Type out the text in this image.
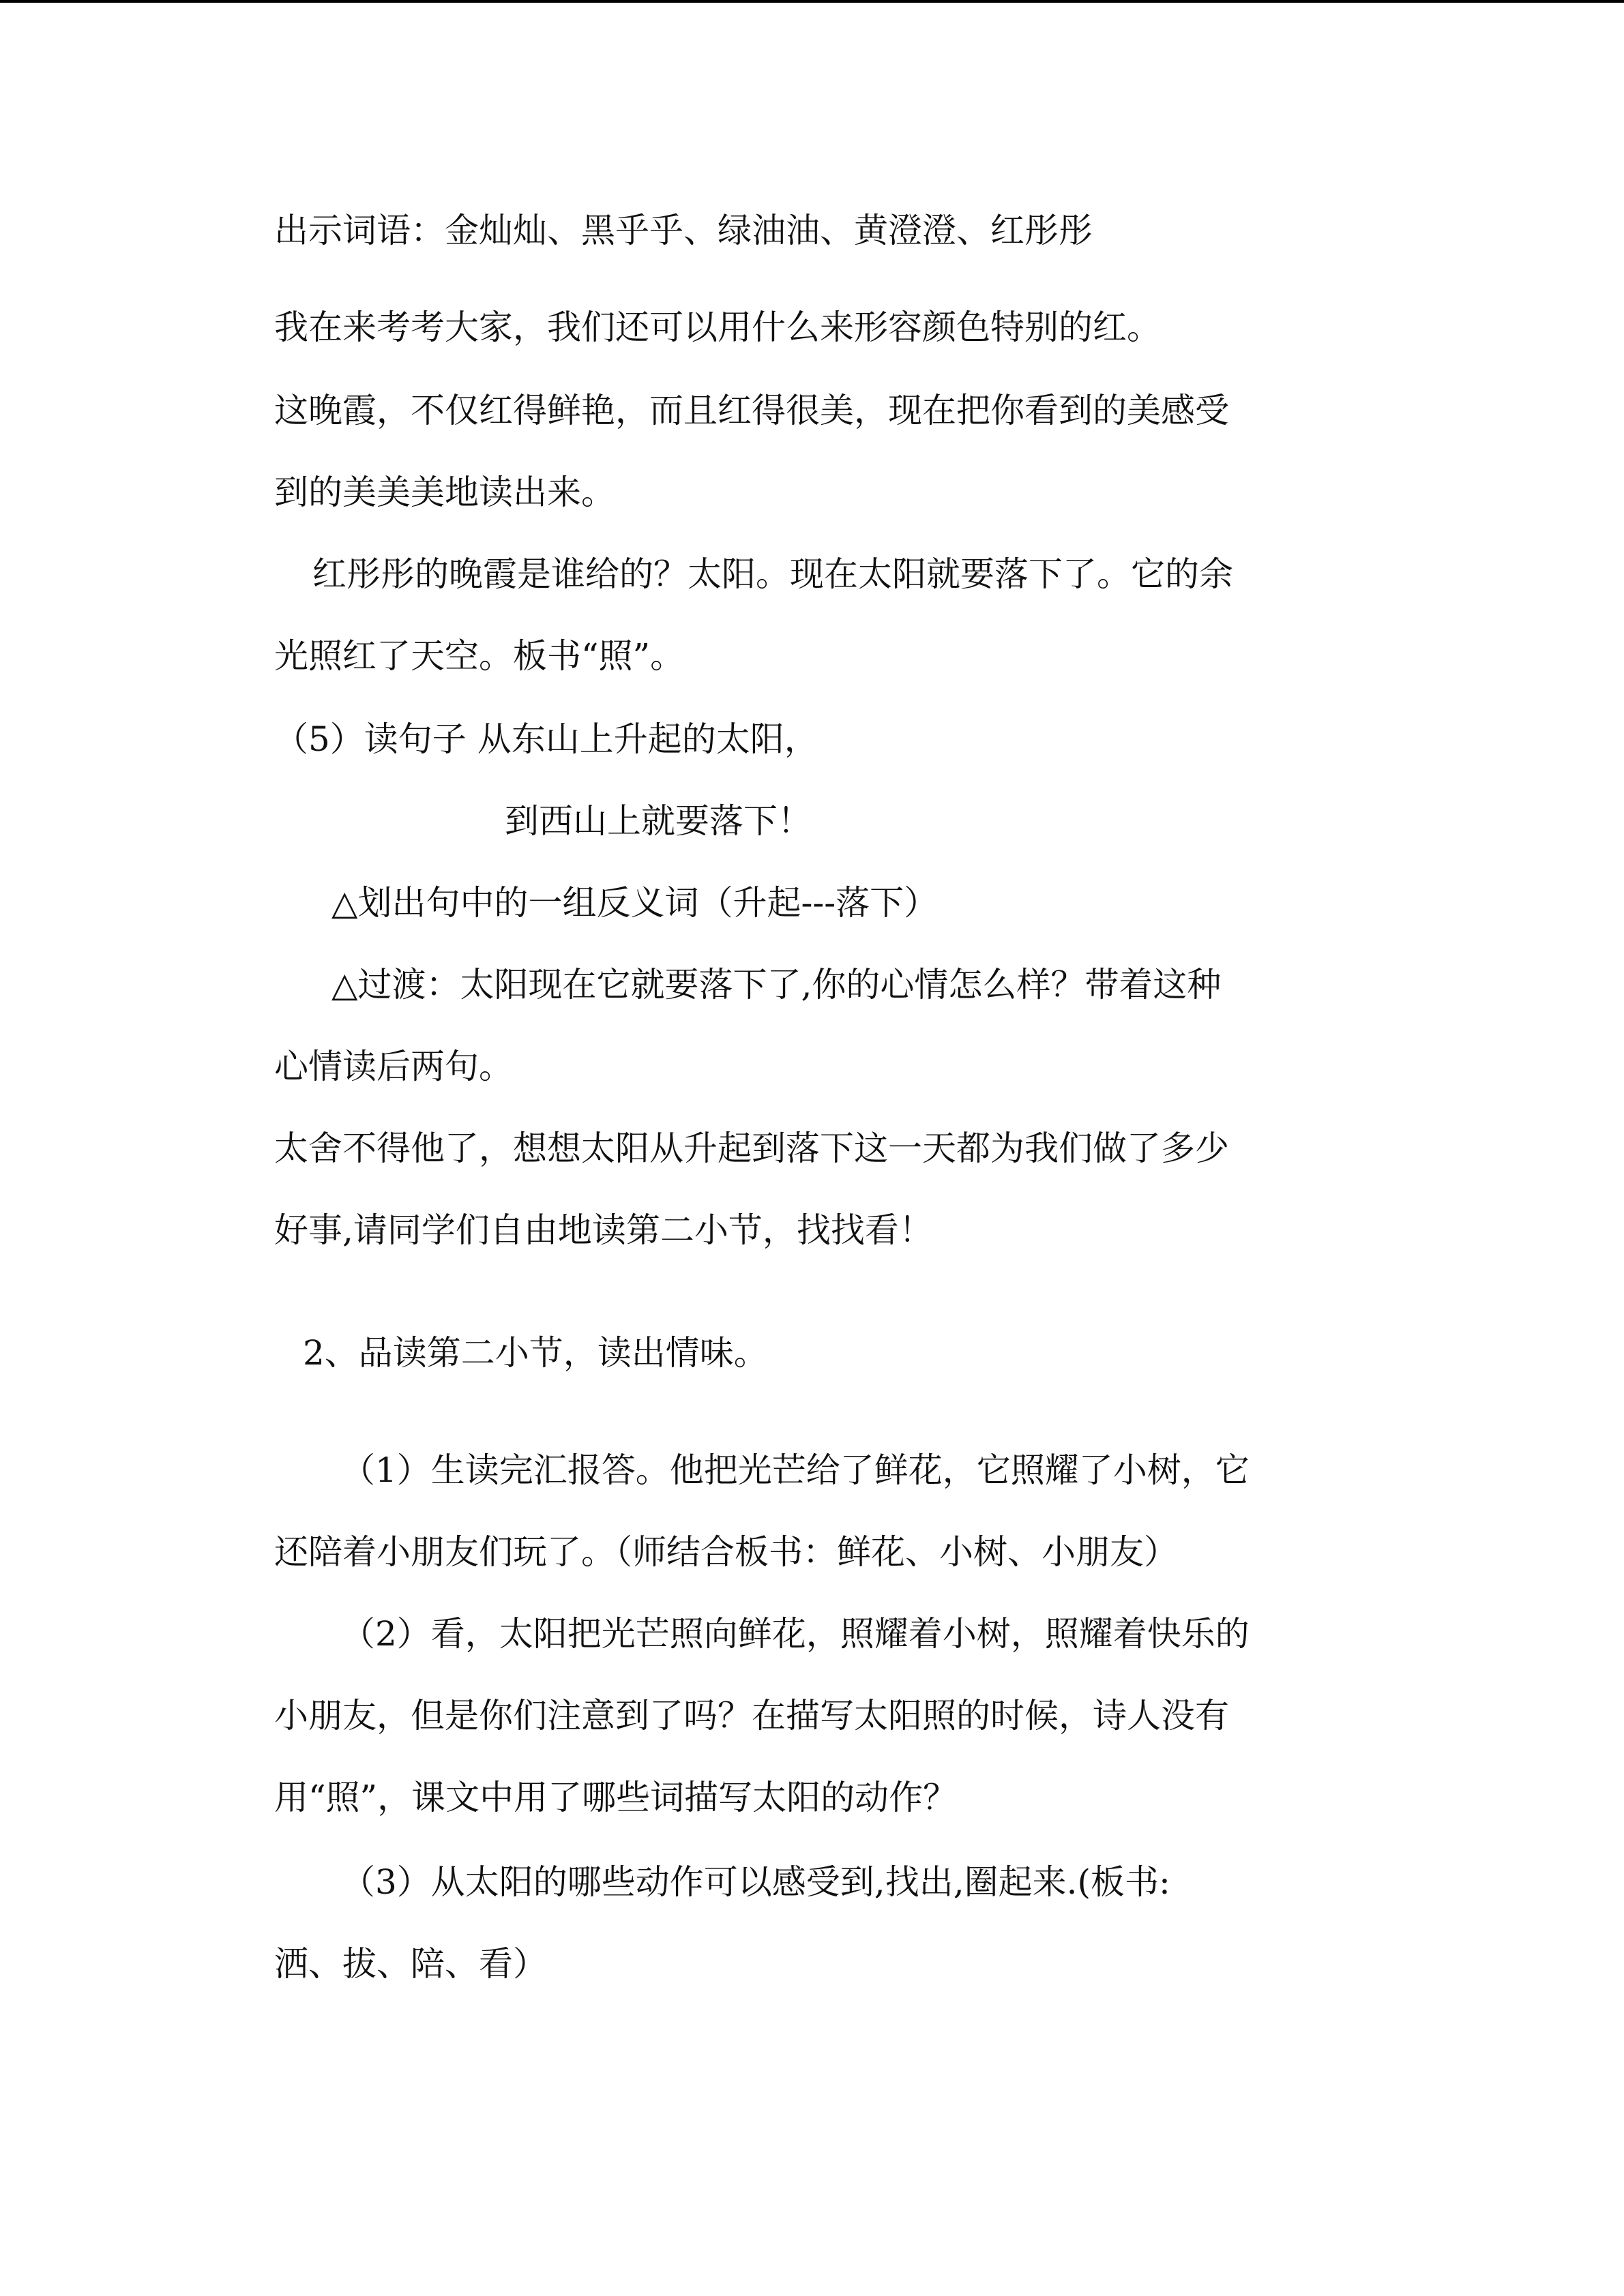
出示词语：金灿灿、黑乎乎、绿油油、黄澄澄、红彤彤
我在来考考大家，我们还可以用什么来形容颜色特别的红。
这晚霞，不仅红得鲜艳，而且红得很美，现在把你看到的美感受
到的美美美地读出来。
红彤彤的晚霞是谁给的？太阳。现在太阳就要落下了。它的余
光照红了天空。板书“照”。
（5）读句子 从东山上升起的太阳，
到西山上就要落下！
△划出句中的一组反义词（升起---落下）
△过渡：太阳现在它就要落下了,你的心情怎么样？带着这种
心情读后两句。
太舍不得他了，想想太阳从升起到落下这一天都为我们做了多少
好事,请同学们自由地读第二小节，找找看！
2、品读第二小节，读出情味。
（1）生读完汇报答。他把光芒给了鲜花，它照耀了小树，它
还陪着小朋友们玩了。（师结合板书：鲜花、小树、小朋友）
（2）看，太阳把光芒照向鲜花，照耀着小树，照耀着快乐的
小朋友，但是你们注意到了吗？在描写太阳照的时候，诗人没有
用“照”，课文中用了哪些词描写太阳的动作？
（3）从太阳的哪些动作可以感受到,找出,圈起来.(板书:
洒、拔、陪、看）
